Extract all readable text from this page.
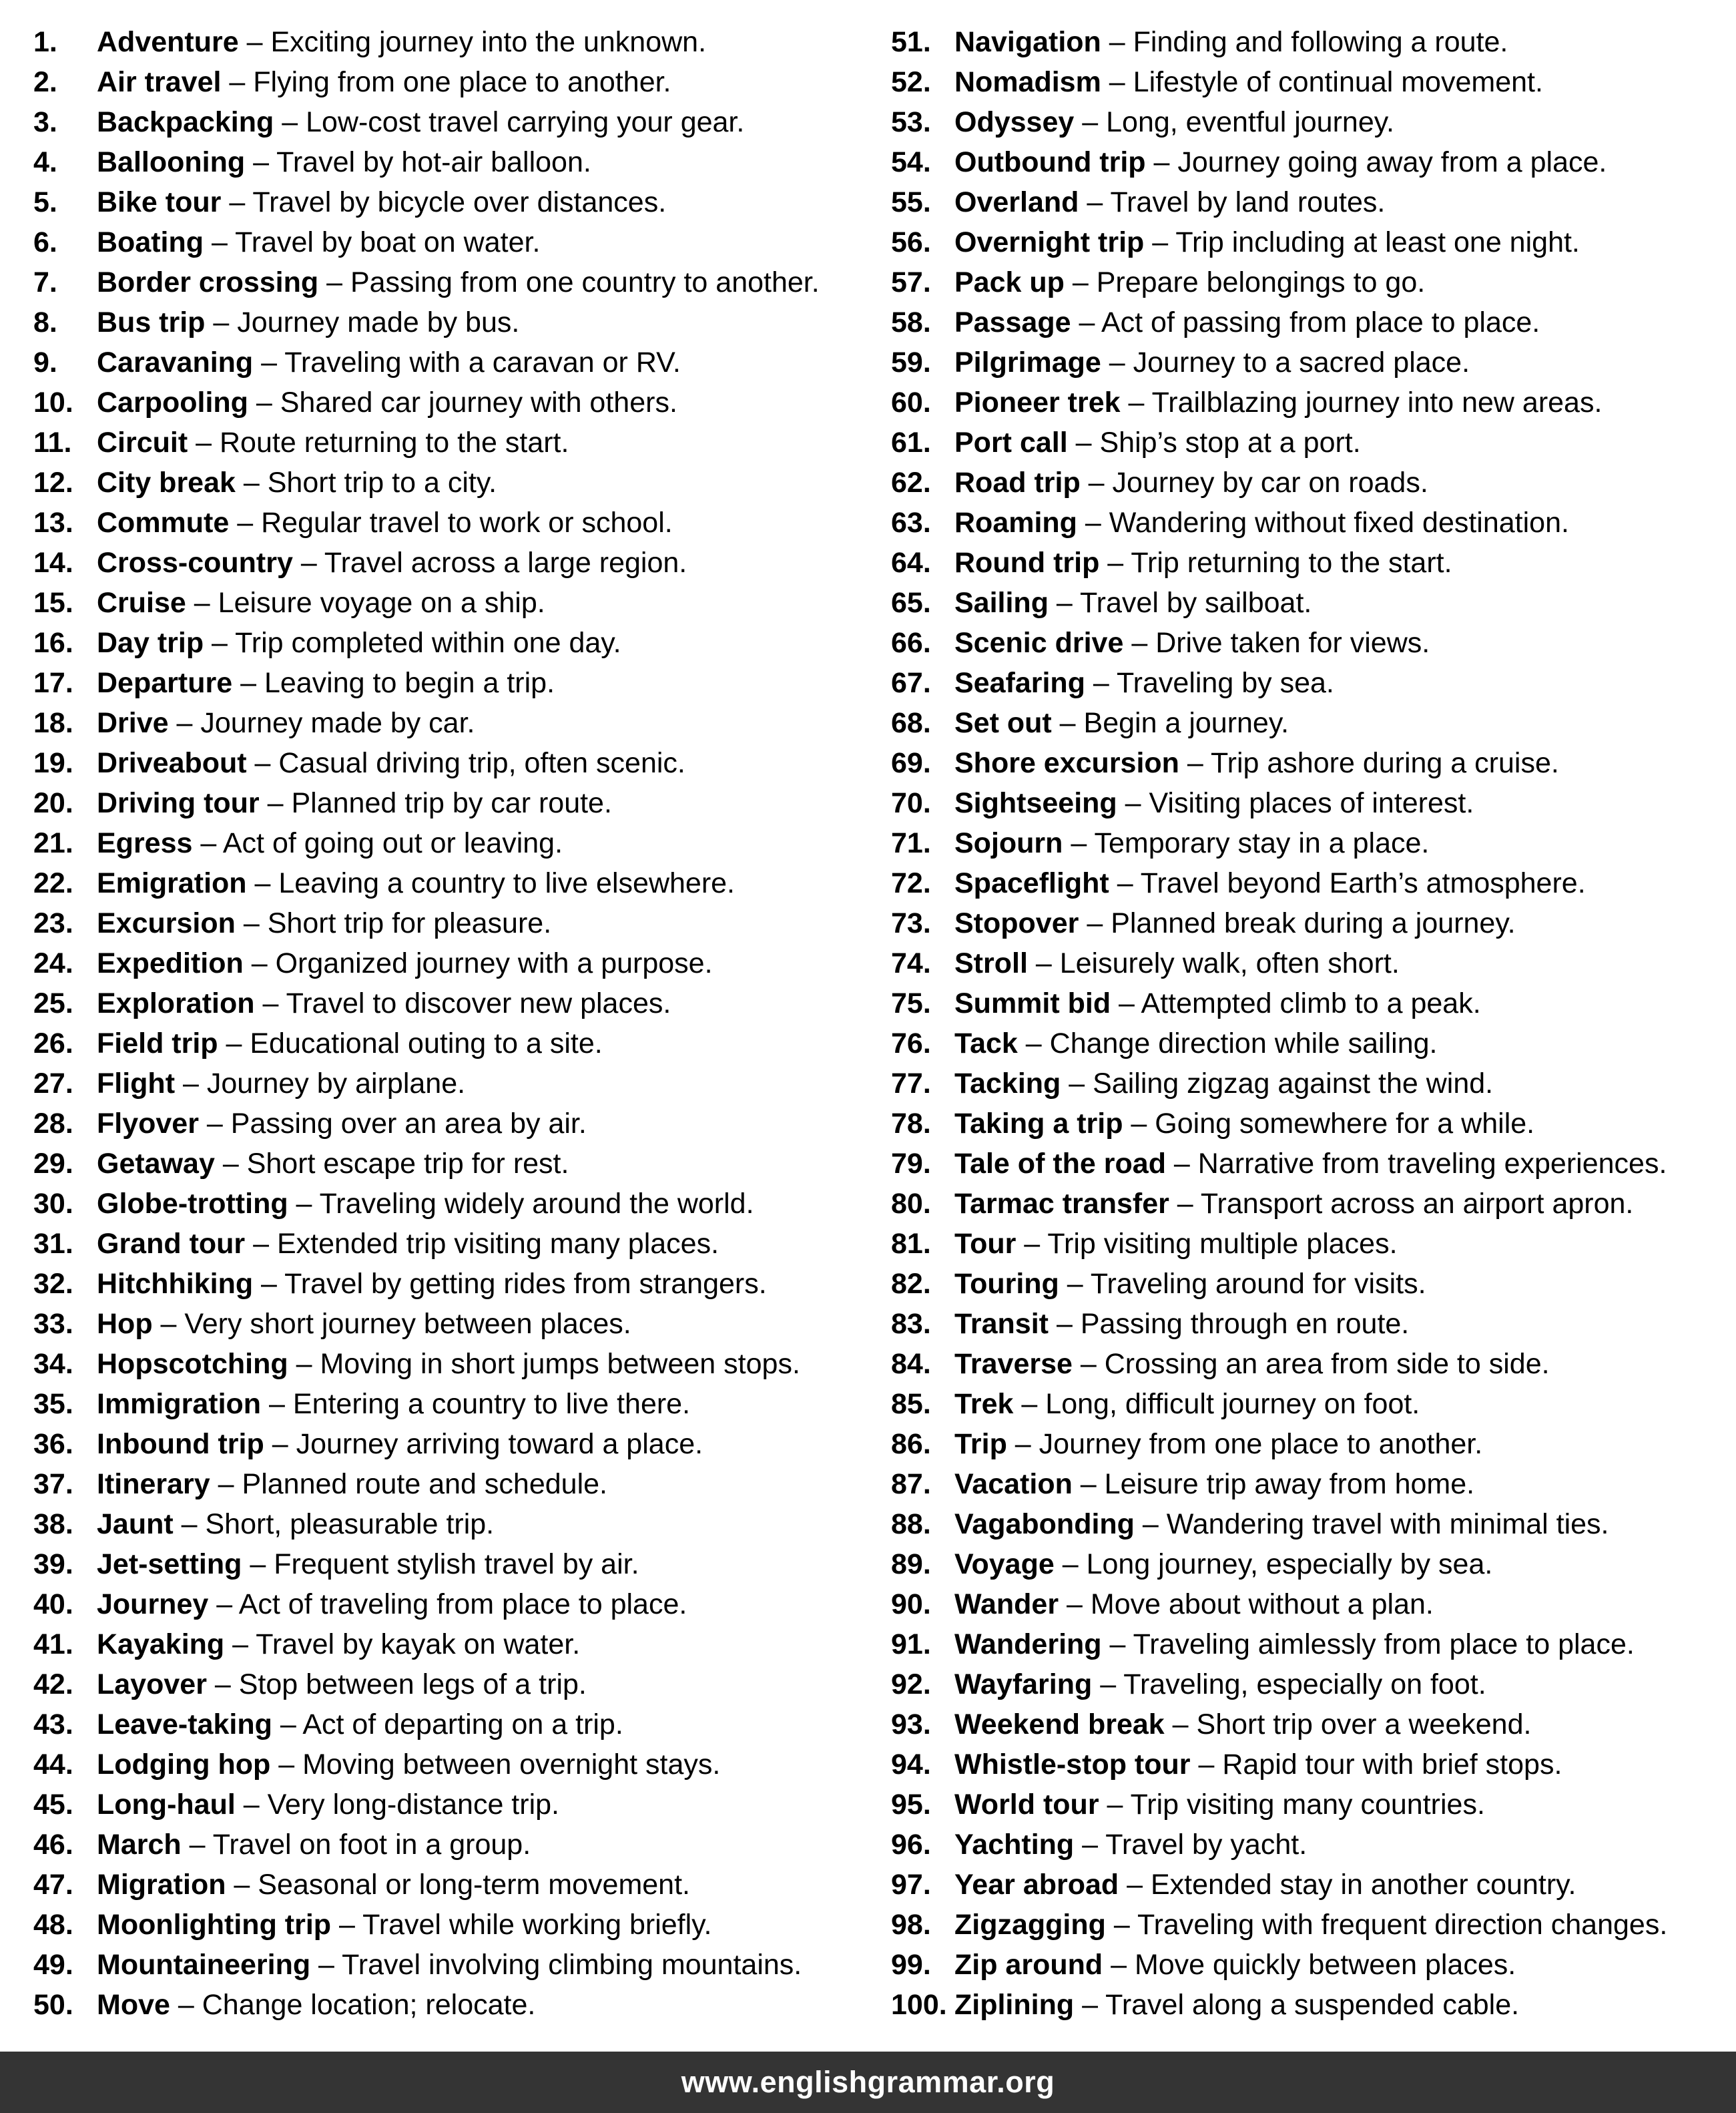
1.	Adventure – Exciting journey into the unknown.
2.	Air travel – Flying from one place to another.
3.	Backpacking – Low-cost travel carrying your gear.
4.	Ballooning – Travel by hot-air balloon.
5.	Bike tour – Travel by bicycle over distances.
6.	Boating – Travel by boat on water.
7.	Border crossing – Passing from one country to another.
8.	Bus trip – Journey made by bus.
9.	Caravaning – Traveling with a caravan or RV.
10. Carpooling – Shared car journey with others.
11. Circuit – Route returning to the start.
12. City break – Short trip to a city.
13. Commute – Regular travel to work or school.
14. Cross-country – Travel across a large region.
15. Cruise – Leisure voyage on a ship.
16. Day trip – Trip completed within one day.
17. Departure – Leaving to begin a trip.
18. Drive – Journey made by car.
19. Driveabout – Casual driving trip, often scenic.
20. Driving tour – Planned trip by car route.
21. Egress – Act of going out or leaving.
22. Emigration – Leaving a country to live elsewhere.
23. Excursion – Short trip for pleasure.
24. Expedition – Organized journey with a purpose.
25. Exploration – Travel to discover new places.
26. Field trip – Educational outing to a site.
27. Flight – Journey by airplane.
28. Flyover – Passing over an area by air.
29. Getaway – Short escape trip for rest.
30. Globe-trotting – Traveling widely around the world.
31. Grand tour – Extended trip visiting many places.
32. Hitchhiking – Travel by getting rides from strangers.
33. Hop – Very short journey between places.
34. Hopscotching – Moving in short jumps between stops.
35. Immigration – Entering a country to live there.
36. Inbound trip – Journey arriving toward a place.
37. Itinerary – Planned route and schedule.
38. Jaunt – Short, pleasurable trip.
39. Jet-setting – Frequent stylish travel by air.
40. Journey – Act of traveling from place to place.
41. Kayaking – Travel by kayak on water.
42. Layover – Stop between legs of a trip.
43. Leave-taking – Act of departing on a trip.
44. Lodging hop – Moving between overnight stays.
45. Long-haul – Very long-distance trip.
46. March – Travel on foot in a group.
47. Migration – Seasonal or long-term movement.
48. Moonlighting trip – Travel while working briefly.
49. Mountaineering – Travel involving climbing mountains.
50. Move – Change location; relocate.
51. Navigation – Finding and following a route.
52. Nomadism – Lifestyle of continual movement.
53. Odyssey – Long, eventful journey.
54. Outbound trip – Journey going away from a place.
55. Overland – Travel by land routes.
56. Overnight trip – Trip including at least one night.
57. Pack up – Prepare belongings to go.
58. Passage – Act of passing from place to place.
59. Pilgrimage – Journey to a sacred place.
60. Pioneer trek – Trailblazing journey into new areas.
61. Port call – Ship’s stop at a port.
62. Road trip – Journey by car on roads.
63. Roaming – Wandering without fixed destination.
64. Round trip – Trip returning to the start.
65. Sailing – Travel by sailboat.
66. Scenic drive – Drive taken for views.
67. Seafaring – Traveling by sea.
68. Set out – Begin a journey.
69. Shore excursion – Trip ashore during a cruise.
70. Sightseeing – Visiting places of interest.
71. Sojourn – Temporary stay in a place.
72. Spaceflight – Travel beyond Earth’s atmosphere.
73. Stopover – Planned break during a journey.
74. Stroll – Leisurely walk, often short.
75. Summit bid – Attempted climb to a peak.
76. Tack – Change direction while sailing.
77. Tacking – Sailing zigzag against the wind.
78. Taking a trip – Going somewhere for a while.
79. Tale of the road – Narrative from traveling experiences.
80. Tarmac transfer – Transport across an airport apron.
81. Tour – Trip visiting multiple places.
82. Touring – Traveling around for visits.
83. Transit – Passing through en route.
84. Traverse – Crossing an area from side to side.
85. Trek – Long, difficult journey on foot.
86. Trip – Journey from one place to another.
87. Vacation – Leisure trip away from home.
88. Vagabonding – Wandering travel with minimal ties.
89. Voyage – Long journey, especially by sea.
90. Wander – Move about without a plan.
91. Wandering – Traveling aimlessly from place to place.
92. Wayfaring – Traveling, especially on foot.
93. Weekend break – Short trip over a weekend.
94. Whistle-stop tour – Rapid tour with brief stops.
95. World tour – Trip visiting many countries.
96. Yachting – Travel by yacht.
97. Year abroad – Extended stay in another country.
98. Zigzagging – Traveling with frequent direction changes.
99. Zip around – Move quickly between places.
100. Ziplining – Travel along a suspended cable.
www.englishgrammar.org
